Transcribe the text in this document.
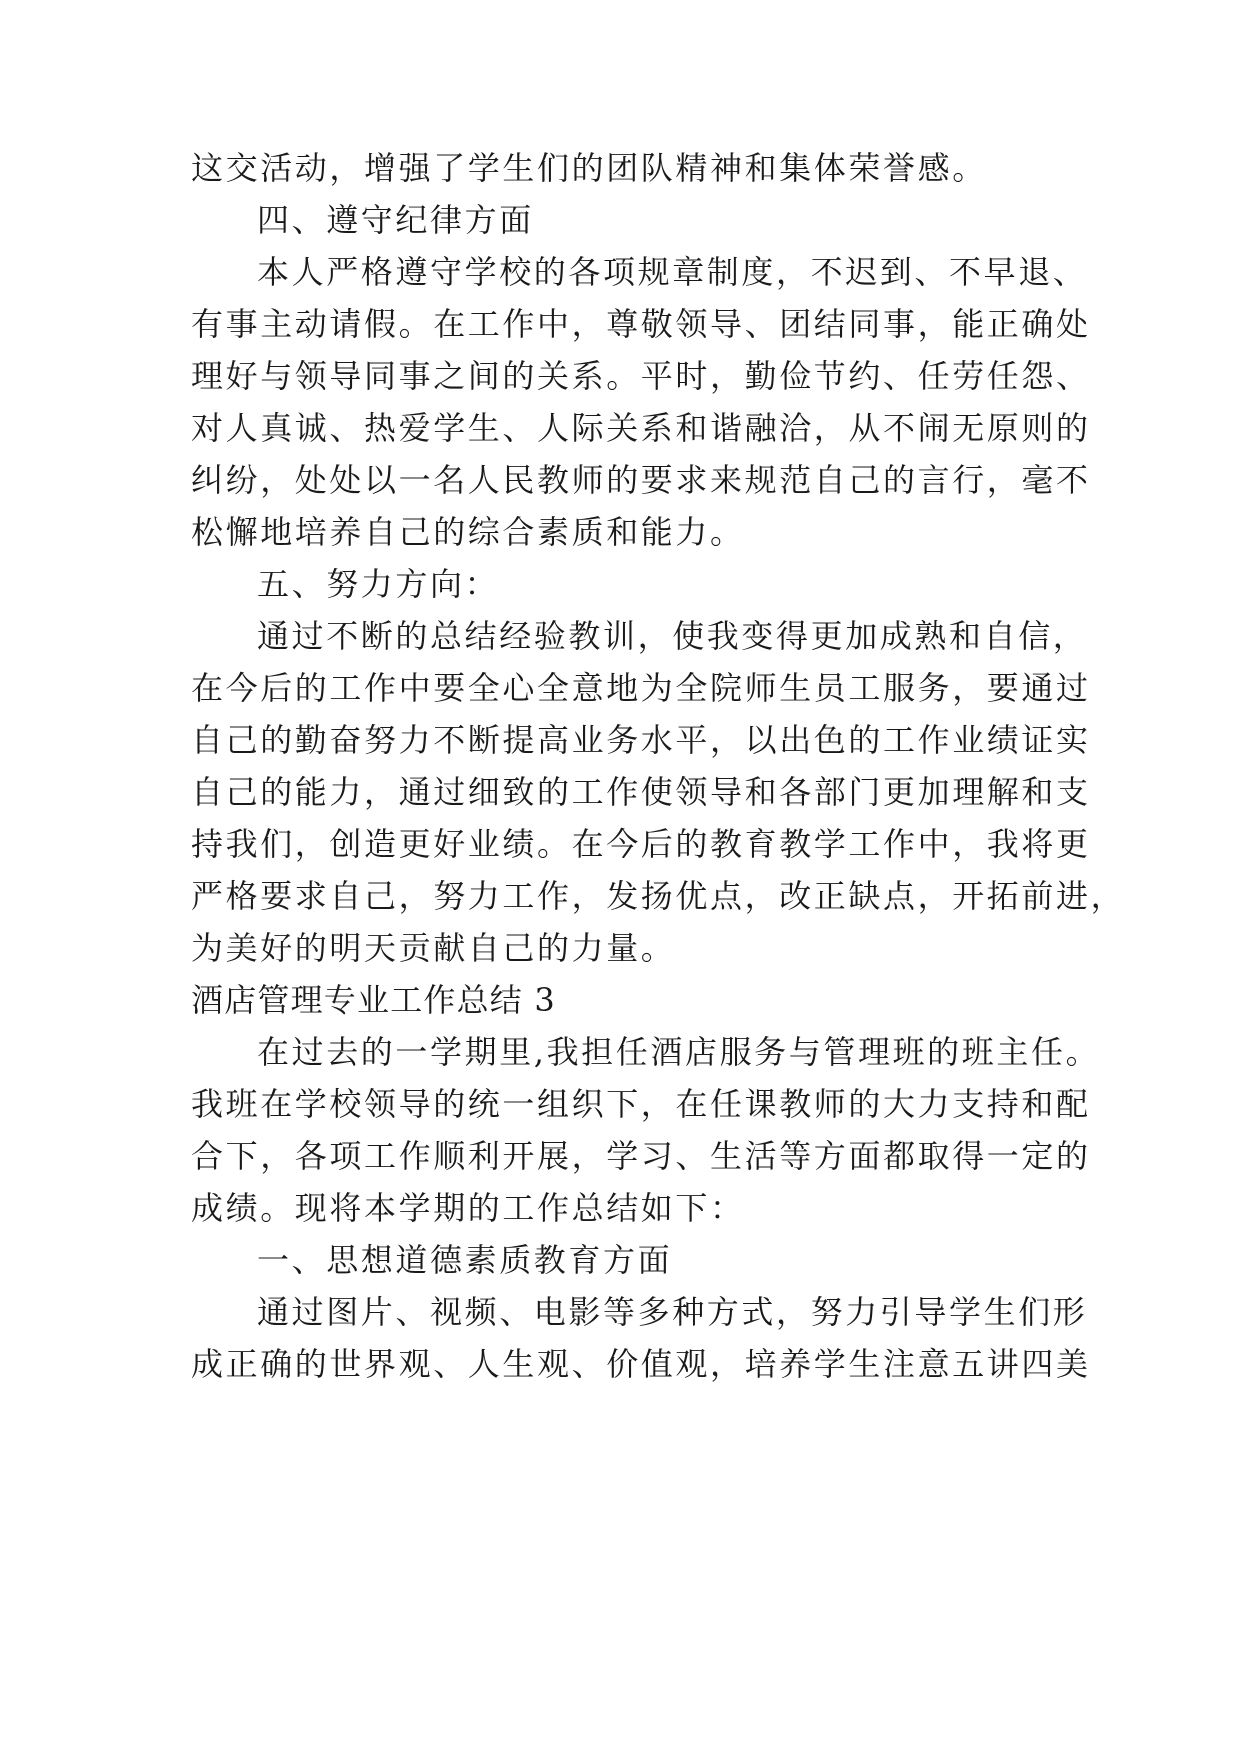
这交活动，增强了学生们的团队精神和集体荣誉感。
四、遵守纪律方面
本人严格遵守学校的各项规章制度，不迟到、不早退、
有事主动请假。在工作中，尊敬领导、团结同事，能正确处
理好与领导同事之间的关系。平时，勤俭节约、任劳任怨、
对人真诚、热爱学生、人际关系和谐融洽，从不闹无原则的
纠纷，处处以一名人民教师的要求来规范自己的言行，毫不
松懈地培养自己的综合素质和能力。
五、努力方向：
通过不断的总结经验教训，使我变得更加成熟和自信，
在今后的工作中要全心全意地为全院师生员工服务，要通过
自己的勤奋努力不断提高业务水平，以出色的工作业绩证实
自己的能力，通过细致的工作使领导和各部门更加理解和支
持我们，创造更好业绩。在今后的教育教学工作中，我将更
严格要求自己，努力工作，发扬优点，改正缺点，开拓前进，
为美好的明天贡献自己的力量。
酒店管理专业工作总结 3
在过去的一学期里,我担任酒店服务与管理班的班主任。
我班在学校领导的统一组织下，在任课教师的大力支持和配
合下，各项工作顺利开展，学习、生活等方面都取得一定的
成绩。现将本学期的工作总结如下：
一、思想道德素质教育方面
通过图片、视频、电影等多种方式，努力引导学生们形
成正确的世界观、人生观、价值观，培养学生注意五讲四美
